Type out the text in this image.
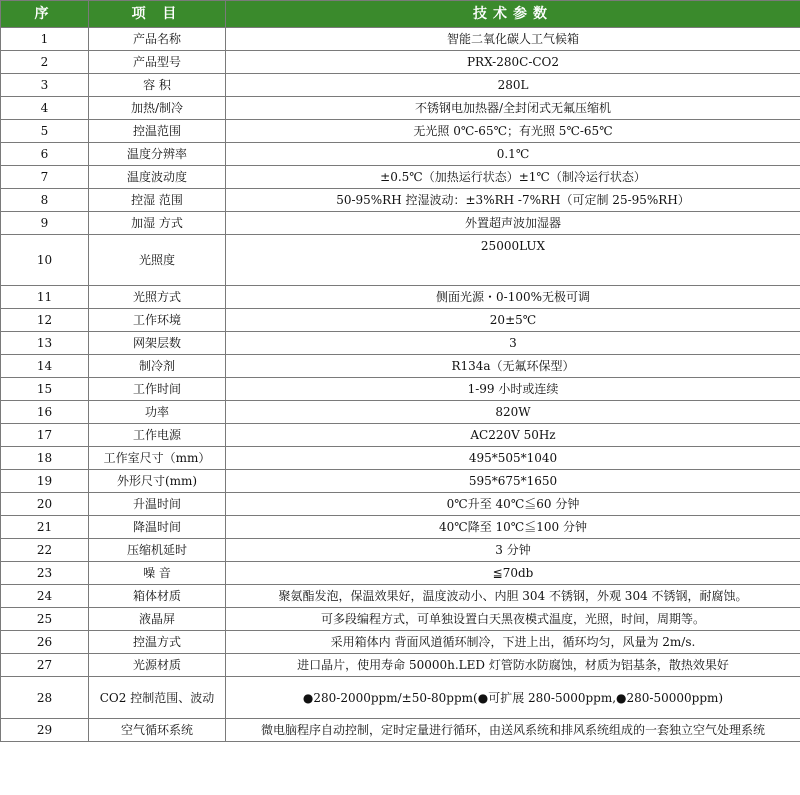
序	项 目	技术参数
1	产品名称	智能二氧化碳人工气候箱
2	产品型号	PRX-280C-CO2
3	容 积	280L
4	加热/制冷	不锈钢电加热器/全封闭式无氟压缩机
5	控温范围	无光照 0℃-65℃；有光照 5℃-65℃
6	温度分辨率	0.1℃
7	温度波动度	±0.5℃（加热运行状态）±1℃（制冷运行状态）
8	控湿 范围	50-95%RH 控湿波动：±3%RH -7%RH（可定制 25-95%RH）
9	加湿 方式	外置超声波加湿器
10	光照度	25000LUX
11	光照方式	侧面光源・0-100%无极可调
12	工作环境	20±5℃
13	网架层数	3
14	制冷剂	R134a（无氟环保型）
15	工作时间	1-99 小时或连续
16	功率	820W
17	工作电源	AC220V 50Hz
18	工作室尺寸（mm）	495*505*1040
19	外形尺寸(mm)	595*675*1650
20	升温时间	0℃升至 40℃≦60 分钟
21	降温时间	40℃降至 10℃≦100 分钟
22	压缩机延时	3 分钟
23	噪 音	≦70db
24	箱体材质	聚氨酯发泡，保温效果好，温度波动小、内胆 304 不锈钢，外观 304 不锈钢，耐腐蚀。
25	液晶屏	可多段编程方式，可单独设置白天黑夜模式温度，光照，时间，周期等。
26	控温方式	采用箱体内 背面风道循环制冷，下进上出，循环均匀，风量为 2m/s.
27	光源材质	进口晶片，使用寿命 50000h.LED 灯管防水防腐蚀，材质为铝基条，散热效果好
28	CO2 控制范围、波动	●280-2000ppm/±50-80ppm(●可扩展 280-5000ppm,●280-50000ppm)
29	空气循环系统	微电脑程序自动控制，定时定量进行循环，由送风系统和排风系统组成的一套独立空气处理系统
